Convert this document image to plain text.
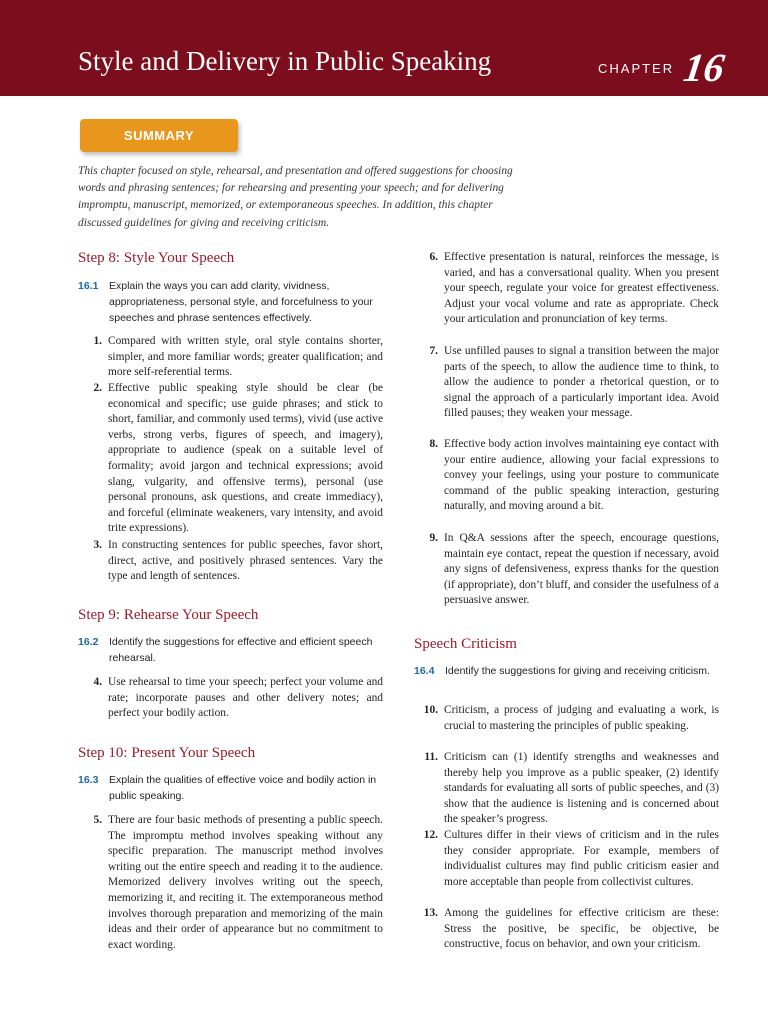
Style and Delivery in Public Speaking	CHAPTER 16
SUMMARY
This chapter focused on style, rehearsal, and presentation and offered suggestions for choosing words and phrasing sentences; for rehearsing and presenting your speech; and for delivering impromptu, manuscript, memorized, or extemporaneous speeches. In addition, this chapter discussed guidelines for giving and receiving criticism.
Step 8: Style Your Speech
16.1	Explain the ways you can add clarity, vividness, appropriateness, personal style, and forcefulness to your speeches and phrase sentences effectively.
1. Compared with written style, oral style contains shorter, simpler, and more familiar words; greater qualification; and more self-referential terms.
2. Effective public speaking style should be clear (be economical and specific; use guide phrases; and stick to short, familiar, and commonly used terms), vivid (use active verbs, strong verbs, figures of speech, and imagery), appropriate to audience (speak on a suitable level of formality; avoid jargon and technical expressions; avoid slang, vulgarity, and offensive terms), personal (use personal pronouns, ask questions, and create immediacy), and forceful (eliminate weakeners, vary intensity, and avoid trite expressions).
3. In constructing sentences for public speeches, favor short, direct, active, and positively phrased sentences. Vary the type and length of sentences.
Step 9: Rehearse Your Speech
16.2	Identify the suggestions for effective and efficient speech rehearsal.
4. Use rehearsal to time your speech; perfect your volume and rate; incorporate pauses and other delivery notes; and perfect your bodily action.
Step 10: Present Your Speech
16.3	Explain the qualities of effective voice and bodily action in public speaking.
5. There are four basic methods of presenting a public speech. The impromptu method involves speaking without any specific preparation. The manuscript method involves writing out the entire speech and reading it to the audience. Memorized delivery involves writing out the speech, memorizing it, and reciting it. The extemporaneous method involves thorough preparation and memorizing of the main ideas and their order of appearance but no commitment to exact wording.
6. Effective presentation is natural, reinforces the message, is varied, and has a conversational quality. When you present your speech, regulate your voice for greatest effectiveness. Adjust your vocal volume and rate as appropriate. Check your articulation and pronunciation of key terms.
7. Use unfilled pauses to signal a transition between the major parts of the speech, to allow the audience time to think, to allow the audience to ponder a rhetorical question, or to signal the approach of a particularly important idea. Avoid filled pauses; they weaken your message.
8. Effective body action involves maintaining eye contact with your entire audience, allowing your facial expressions to convey your feelings, using your posture to communicate command of the public speaking interaction, gesturing naturally, and moving around a bit.
9. In Q&A sessions after the speech, encourage questions, maintain eye contact, repeat the question if necessary, avoid any signs of defensiveness, express thanks for the question (if appropriate), don’t bluff, and consider the usefulness of a persuasive answer.
Speech Criticism
16.4	Identify the suggestions for giving and receiving criticism.
10. Criticism, a process of judging and evaluating a work, is crucial to mastering the principles of public speaking.
11. Criticism can (1) identify strengths and weaknesses and thereby help you improve as a public speaker, (2) identify standards for evaluating all sorts of public speeches, and (3) show that the audience is listening and is concerned about the speaker’s progress.
12. Cultures differ in their views of criticism and in the rules they consider appropriate. For example, members of individualist cultures may find public criticism easier and more acceptable than people from collectivist cultures.
13. Among the guidelines for effective criticism are these: Stress the positive, be specific, be objective, be constructive, focus on behavior, and own your criticism.
